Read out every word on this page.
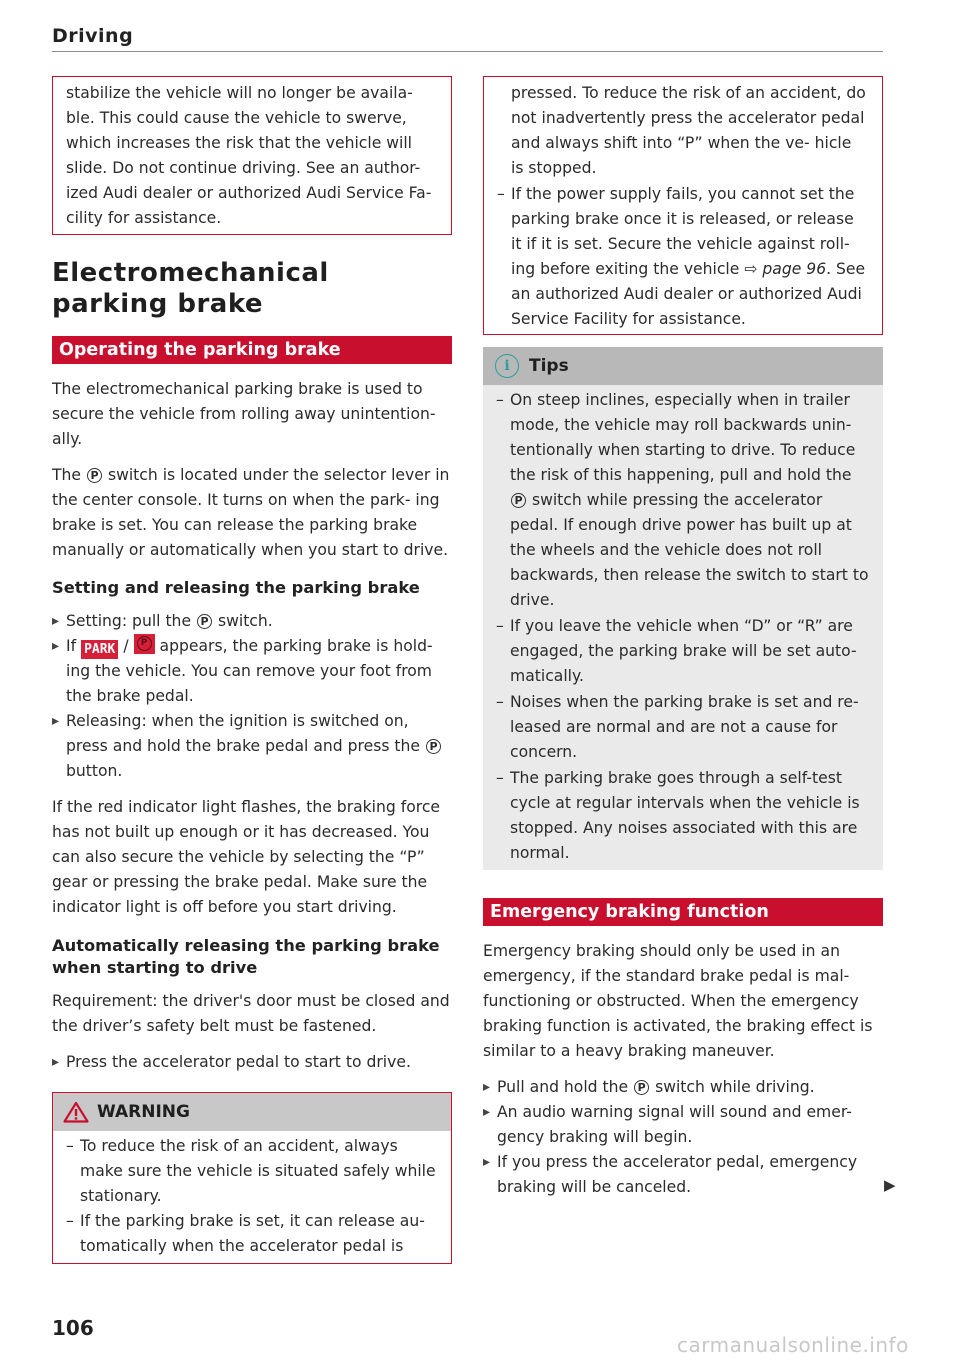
Driving

stabilize the vehicle will no longer be availa-

ble. This could cause the vehicle to swerve,

which increases the risk that the vehicle will

slide. Do not continue driving. See an author-

ized Audi dealer or authorized Audi Service Fa-

cility for assistance.

Electromechanical
parking brake
Operating the parking brake

The electromechanical parking brake is used to secure the vehicle from rolling away unintention- ally.

The P switch is located under the selector lever in the center console. It turns on when the park- ing brake is set. You can release the parking brake manually or automatically when you start to drive.

Setting and releasing the parking brake
▸ Setting: pull the P switch.
▸ If PARK /	P appears, the parking brake is hold- ing the vehicle. You can remove your foot from the brake pedal.
▸ Releasing: when the ignition is switched on, press and hold the brake pedal and press the P button.

If the red indicator light flashes, the braking force has not built up enough or it has decreased. You can also secure the vehicle by selecting the “P” gear or pressing the brake pedal. Make sure the indicator light is off before you start driving.

Automatically releasing the parking brake when starting to drive

Requirement: the driver's door must be closed and the driver’s safety belt must be fastened.

▸ Press the accelerator pedal to start to drive.
WARNING
– To reduce the risk of an accident, always make sure the vehicle is situated safely while stationary.
– If the parking brake is set, it can release au- tomatically when the accelerator pedal is

pressed. To reduce the risk of an accident, do not inadvertently press the accelerator pedal and always shift into “P” when the ve- hicle is stopped.

– If the power supply fails, you cannot set the parking brake once it is released, or release it if it is set. Secure the vehicle against roll- ing before exiting the vehicle ⇨ page 96. See an authorized Audi dealer or authorized Audi Service Facility for assistance.
i	Tips
– On steep inclines, especially when in trailer mode, the vehicle may roll backwards unin- tentionally when starting to drive. To reduce the risk of this happening, pull and hold the P switch while pressing the accelerator pedal. If enough drive power has built up at the wheels and the vehicle does not roll backwards, then release the switch to start to drive.
– If you leave the vehicle when “D” or “R” are engaged, the parking brake will be set auto- matically.
– Noises when the parking brake is set and re- leased are normal and are not a cause for concern.
– The parking brake goes through a self-test cycle at regular intervals when the vehicle is stopped. Any noises associated with this are normal.
Emergency braking function

Emergency braking should only be used in an emergency, if the standard brake pedal is mal- functioning or obstructed. When the emergency braking function is activated, the braking effect is similar to a heavy braking maneuver.

▸ Pull and hold the P switch while driving.
▸ An audio warning signal will sound and emer- gency braking will begin.
▸ If you press the accelerator pedal, emergency braking will be canceled.	▶
106
carmanualsonline.info
